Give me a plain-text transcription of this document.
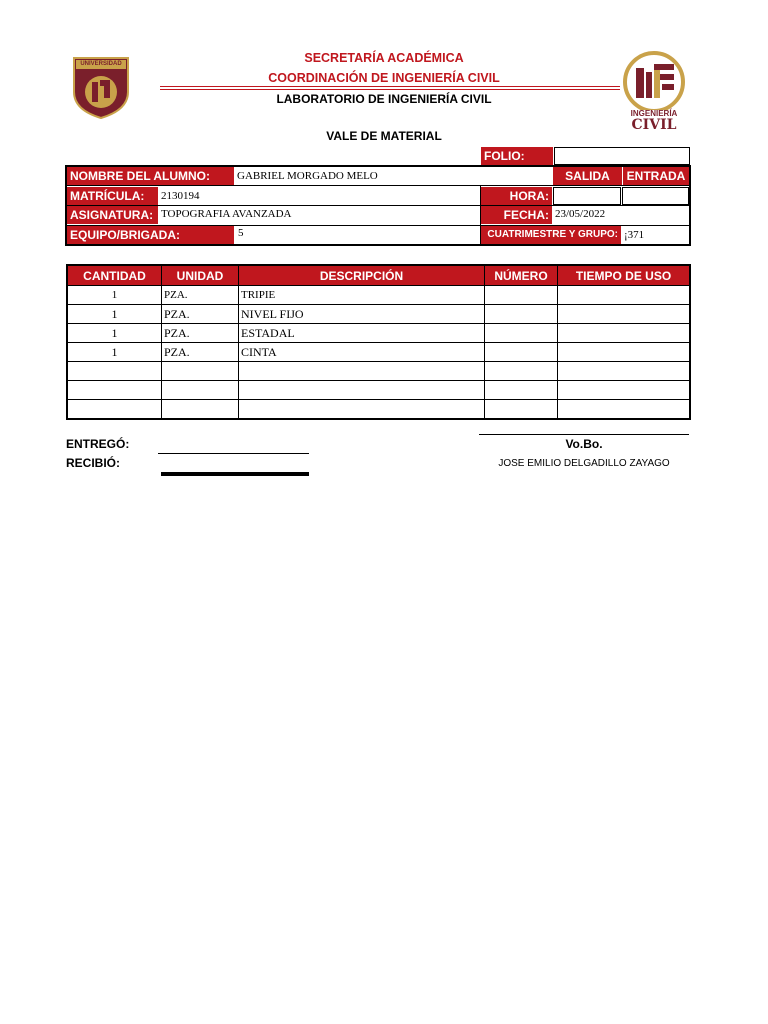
UNIVERSIDAD
INGENIERÍA
CIVIL
SECRETARÍA ACADÉMICA
COORDINACIÓN DE INGENIERÍA CIVIL
LABORATORIO DE INGENIERÍA CIVIL
VALE DE MATERIAL
FOLIO:
NOMBRE DEL ALUMNO:	GABRIEL MORGADO MELO	SALIDA	ENTRADA
MATRÍCULA:	2130194	HORA:
ASIGNATURA: TOPOGRAFIA AVANZADA	FECHA: 23/05/2022
EQUIPO/BRIGADA:	5	CUATRIMESTRE Y GRUPO: ¡371
CANTIDAD	UNIDAD	DESCRIPCIÓN	NÚMERO	TIEMPO DE USO
1	PZA.	TRIPIE		
1	PZA.	NIVEL FIJO		
1	PZA.	ESTADAL		
1	PZA.	CINTA		

ENTREGÓ:
RECIBIÓ:
Vo.Bo.
JOSE EMILIO DELGADILLO ZAYAGO
